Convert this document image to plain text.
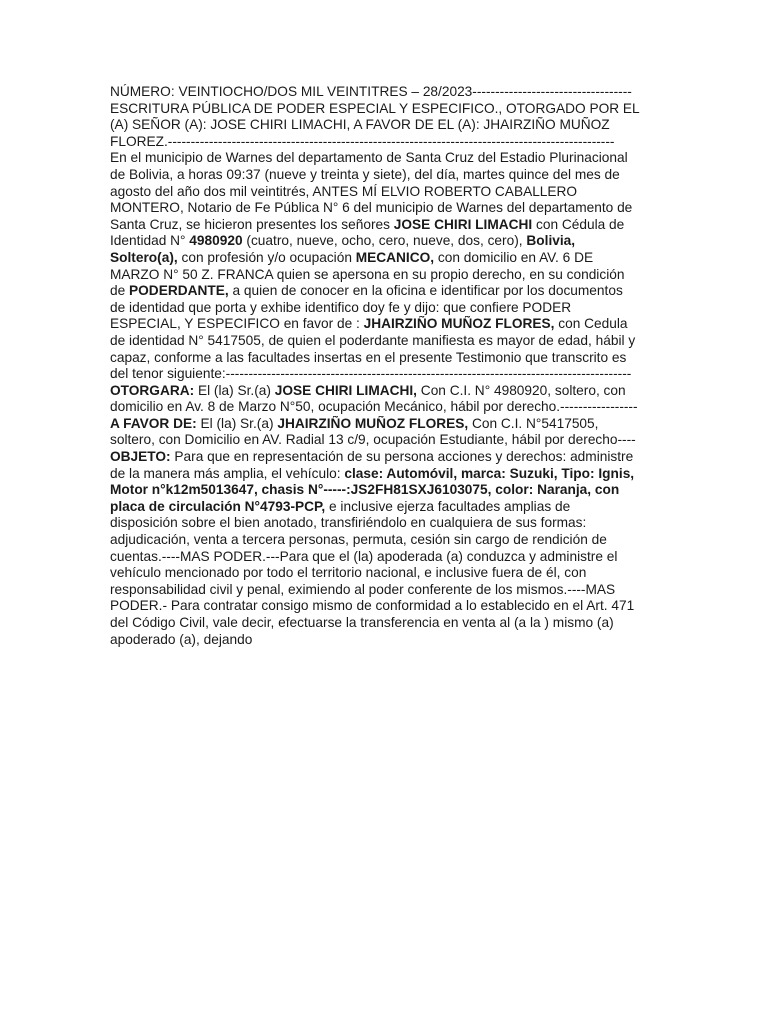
NÚMERO: VEINTIOCHO/DOS MIL VEINTITRES – 28/2023-----------------------------------
ESCRITURA PÚBLICA DE PODER ESPECIAL Y ESPECIFICO., OTORGADO POR EL
(A) SEÑOR (A): JOSE CHIRI LIMACHI, A FAVOR DE EL (A): JHAIRZIÑO MUÑOZ
FLOREZ.--------------------------------------------------------------------------------------------------
En el municipio de Warnes del departamento de Santa Cruz del Estadio Plurinacional
de Bolivia, a horas 09:37 (nueve y treinta y siete), del día, martes quince del mes de
agosto del año dos mil veintitrés, ANTES MÍ ELVIO ROBERTO CABALLERO
MONTERO, Notario de Fe Pública N° 6 del municipio de Warnes del departamento de
Santa Cruz, se hicieron presentes los señores JOSE CHIRI LIMACHI con Cédula de
Identidad N° 4980920 (cuatro, nueve, ocho, cero, nueve, dos, cero), Bolivia,
Soltero(a), con profesión y/o ocupación MECANICO, con domicilio en AV. 6 DE
MARZO N° 50 Z. FRANCA quien se apersona en su propio derecho, en su condición
de PODERDANTE, a quien de conocer en la oficina e identificar por los documentos
de identidad que porta y exhibe identifico doy fe y dijo: que confiere PODER
ESPECIAL, Y ESPECIFICO en favor de : JHAIRZIÑO MUÑOZ FLORES, con Cedula
de identidad N° 5417505, de quien el poderdante manifiesta es mayor de edad, hábil y
capaz, conforme a las facultades insertas en el presente Testimonio que transcrito es
del tenor siguiente:-----------------------------------------------------------------------------------------
OTORGARA: El (la) Sr.(a) JOSE CHIRI LIMACHI, Con C.I. N° 4980920, soltero, con
domicilio en Av. 8 de Marzo N°50, ocupación Mecánico, hábil por derecho.-----------------
A FAVOR DE: El (la) Sr.(a) JHAIRZIÑO MUÑOZ FLORES, Con C.I. N°5417505,
soltero, con Domicilio en AV. Radial 13 c/9, ocupación Estudiante, hábil por derecho----
OBJETO: Para que en representación de su persona acciones y derechos: administre
de la manera más amplia, el vehículo: clase: Automóvil, marca: Suzuki, Tipo: Ignis,
Motor n°k12m5013647, chasis N°-----:JS2FH81SXJ6103075, color: Naranja, con
placa de circulación N°4793-PCP, e inclusive ejerza facultades amplias de
disposición sobre el bien anotado, transfiriéndolo en cualquiera de sus formas:
adjudicación, venta a tercera personas, permuta, cesión sin cargo de rendición de
cuentas.----MAS PODER.---Para que el (la) apoderada (a) conduzca y administre el
vehículo mencionado por todo el territorio nacional, e inclusive fuera de él, con
responsabilidad civil y penal, eximiendo al poder conferente de los mismos.----MAS
PODER.- Para contratar consigo mismo de conformidad a lo establecido en el Art. 471
del Código Civil, vale decir, efectuarse la transferencia en venta al (a la ) mismo (a)
apoderado (a), dejando
